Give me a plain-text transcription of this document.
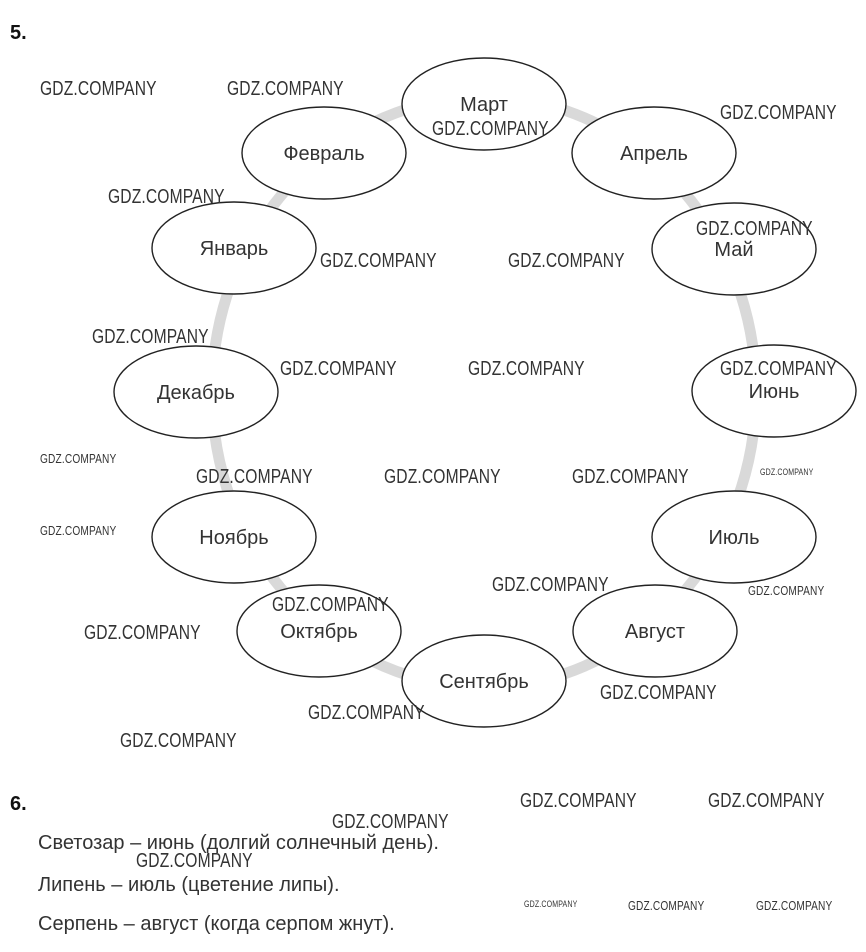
5.
Январь
Февраль
Март
Апрель
Май
Июнь
Июль
Август
Сентябрь
Октябрь
Ноябрь
Декабрь
6.
Светозар – июнь (долгий солнечный день).
Липень – июль (цветение липы).
Серпень – август (когда серпом жнут).
GDZ.COMPANY	GDZ.COMPANY
GDZ.COMPANY
GDZ.COMPANY
GDZ.COMPANY
GDZ.COMPANY
GDZ.COMPANY	GDZ.COMPANY
GDZ.COMPANY
GDZ.COMPANY	GDZ.COMPANY	GDZ.COMPANY
GDZ.COMPANY
GDZ.COMPANY
GDZ.COMPANY	GDZ.COMPANY	GDZ.COMPANY
GDZ.COMPANY
GDZ.COMPANY	GDZ.COMPANY
GDZ.COMPANY
GDZ.COMPANY
GDZ.COMPANY
GDZ.COMPANY
GDZ.COMPANY
GDZ.COMPANY	GDZ.COMPANY
GDZ.COMPANY
GDZ.COMPANY
GDZ.COMPANY	GDZ.COMPANY	GDZ.COMPANY
